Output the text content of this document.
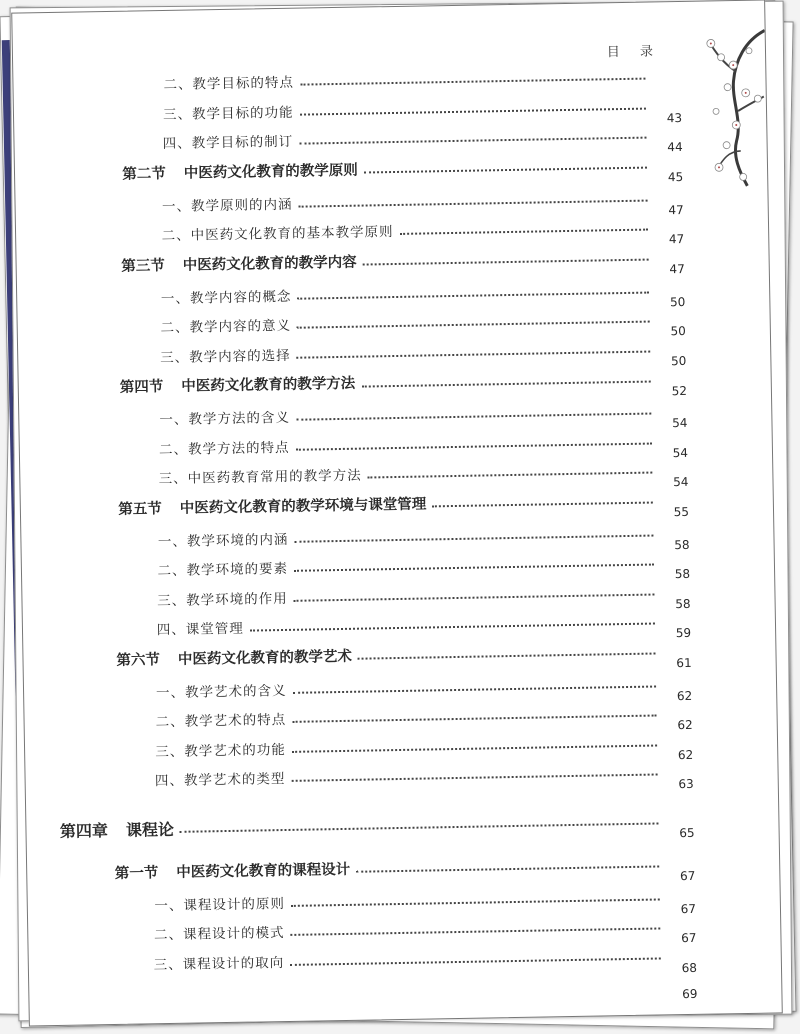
目 录
二、教学目标的特点
三、教学目标的功能	43
四、教学目标的制订	44
第二节 中医药文化教育的教学原则	45
一、教学原则的内涵	47
二、中医药文化教育的基本教学原则	47
第三节 中医药文化教育的教学内容	47
一、教学内容的概念	50
二、教学内容的意义	50
三、教学内容的选择	50
第四节 中医药文化教育的教学方法	52
一、教学方法的含义	54
二、教学方法的特点	54
三、中医药教育常用的教学方法	54
第五节 中医药文化教育的教学环境与课堂管理	55
一、教学环境的内涵	58
二、教学环境的要素	58
三、教学环境的作用	58
四、课堂管理	59
第六节 中医药文化教育的教学艺术	61
一、教学艺术的含义	62
二、教学艺术的特点	62
三、教学艺术的功能	62
四、教学艺术的类型	63
第四章 课程论	65
第一节 中医药文化教育的课程设计	67
一、课程设计的原则	67
二、课程设计的模式	67
三、课程设计的取向	68
69
